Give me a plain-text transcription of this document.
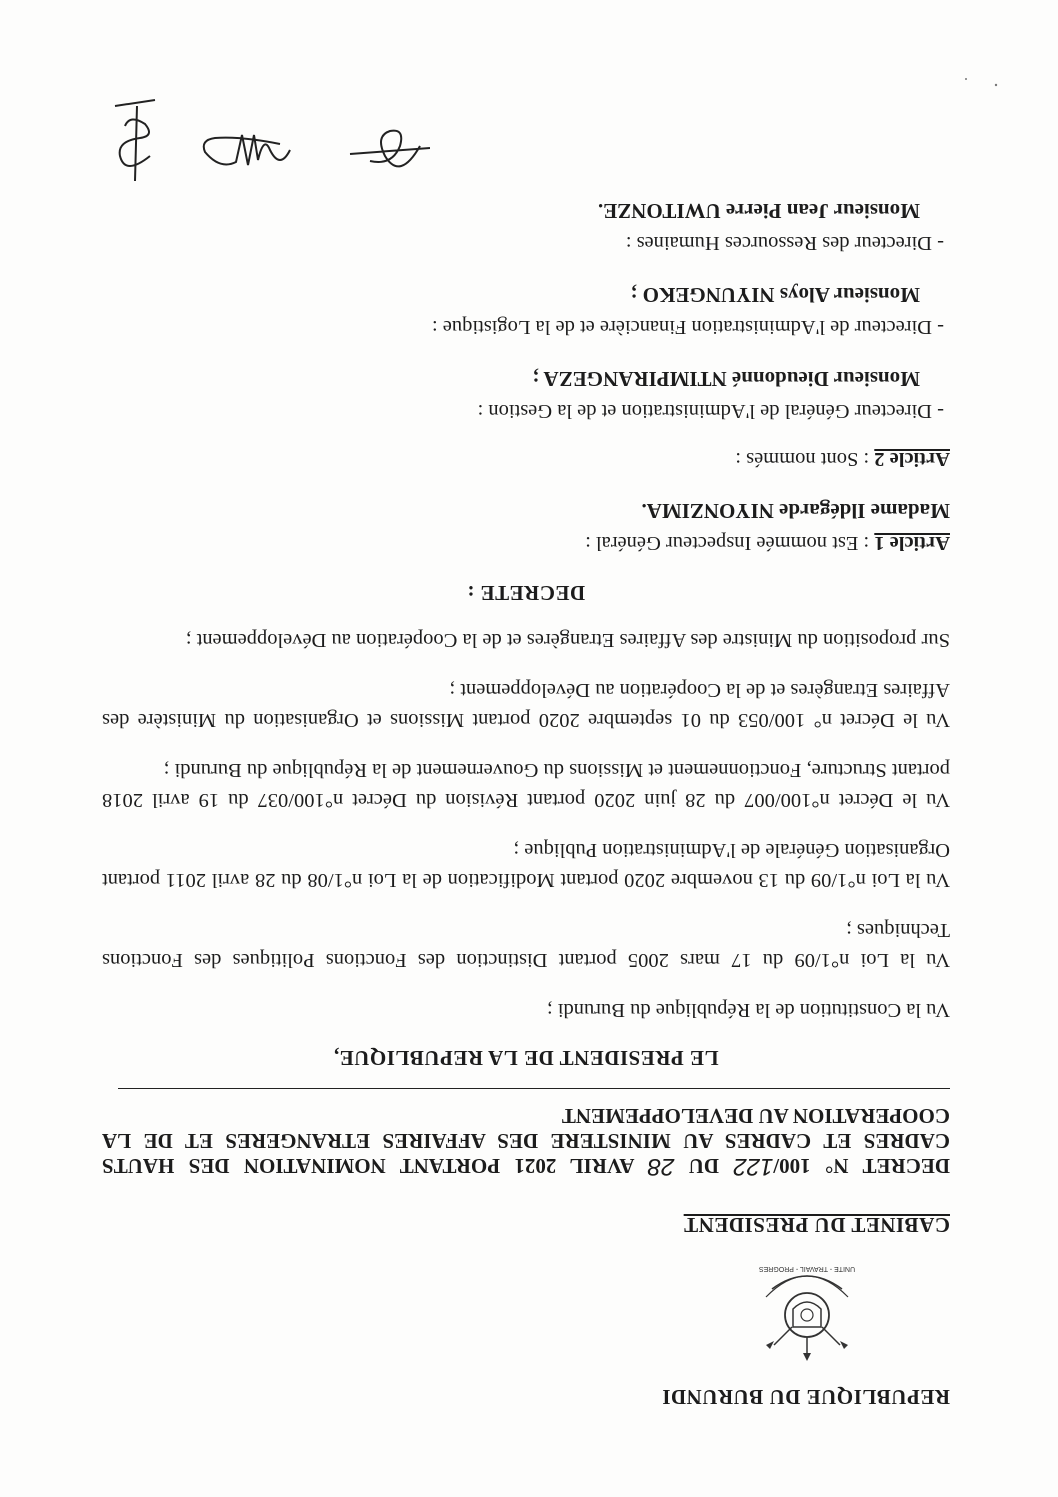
REPUBLIQUE DU BURUNDI
UNITE - TRAVAIL - PROGRES
CABINET DU PRESIDENT
DECRET N° 100/122 DU 28 AVRIL 2021 PORTANT NOMINATION DES HAUTS CADRES ET CADRES AU MINISTERE DES AFFAIRES ETRANGERES ET DE LA COOPERATION AU DEVELOPPEMENT
LE PRESIDENT DE LA REPUBLIQUE,

Vu la Constitution de la République du Burundi ;

Vu la Loi n°1/09 du 17 mars 2005 portant Distinction des Fonctions Politiques des Fonctions Techniques ;

Vu la Loi n°1/09 du 13 novembre 2020 portant Modification de la Loi n°1/08 du 28 avril 2011 portant Organisation Générale de l'Administration Publique ;

Vu le Décret n°100/007 du 28 juin 2020 portant Révision du Décret n°100/037 du 19 avril 2018 portant Structure, Fonctionnement et Missions du Gouvernement de la République du Burundi ;

Vu le Décret n° 100/053 du 01 septembre 2020 portant Missions et Organisation du Ministère des Affaires Etrangères et de la Coopération au Développement ;

Sur proposition du Ministre des Affaires Etrangères et de la Coopération au Développement ;

DECRETE :

Article 1 : Est nommée Inspecteur Général :

Madame Ildégarde NIYONZIMA.

Article 2 : Sont nommés :

- Directeur Général de l'Administration et de la Gestion :

Monsieur Dieudonné NTIMPIRANGEZA ;

- Directeur de l'Administration Financière et de la Logistique :

Monsieur Aloys NIYUNGEKO ;

- Directeur des Ressources Humaines :

Monsieur Jean Pierre UWITONZE.
